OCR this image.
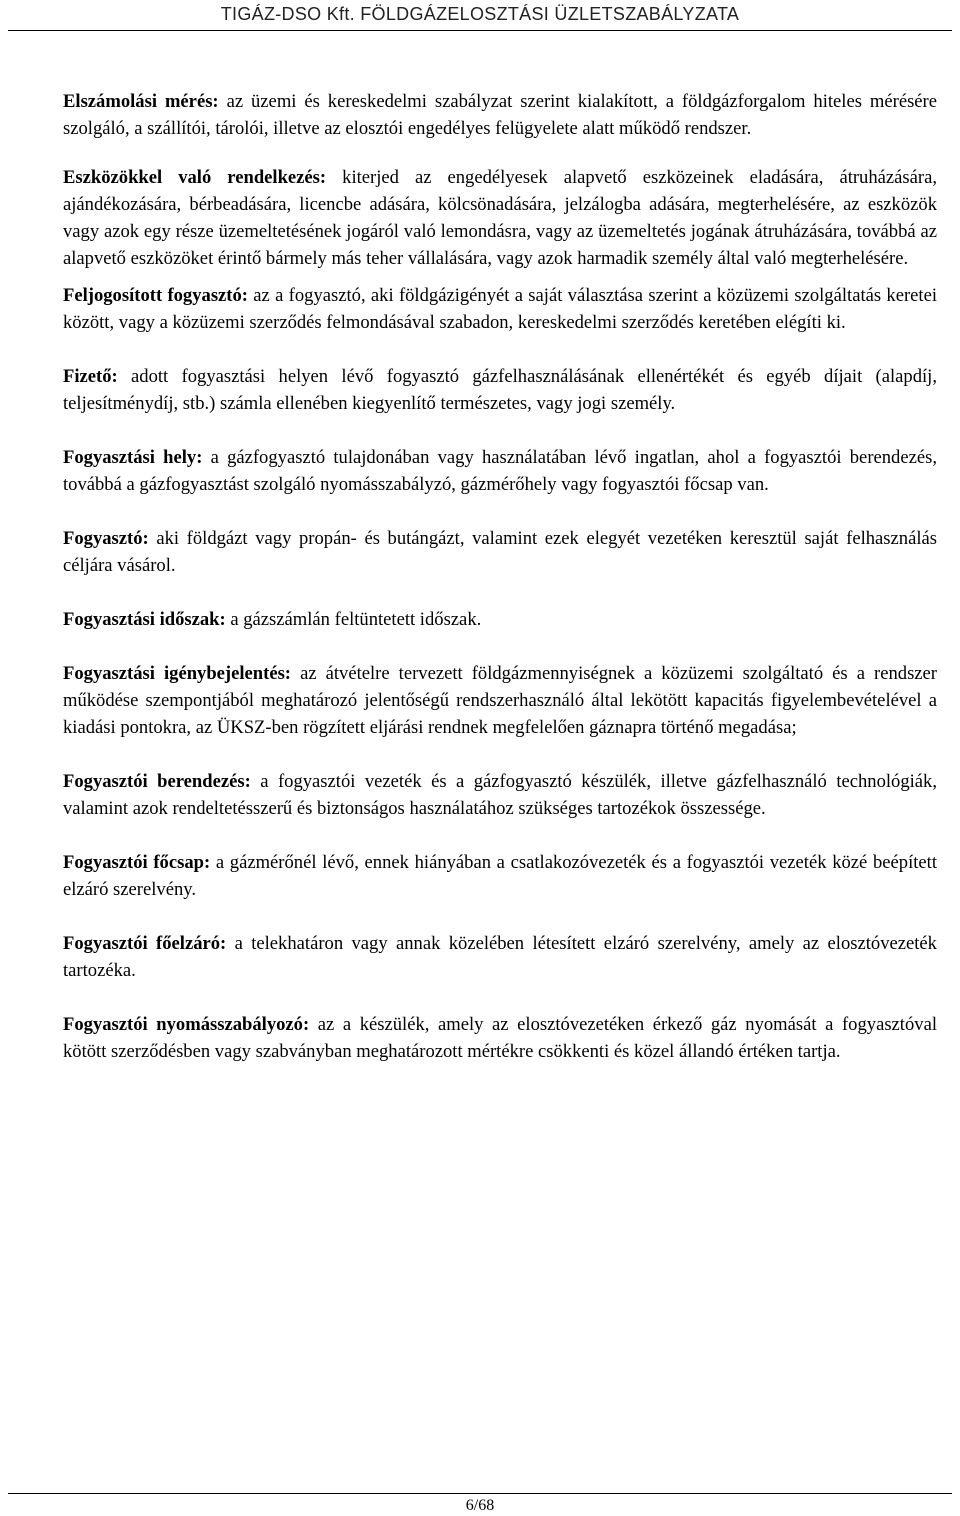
TIGÁZ-DSO Kft. FÖLDGÁZELOSZTÁSI ÜZLETSZABÁLYZATA

Elszámolási mérés: az üzemi és kereskedelmi szabályzat szerint kialakított, a földgázforgalom hiteles mérésére szolgáló, a szállítói, tárolói, illetve az elosztói engedélyes felügyelete alatt működő rendszer.

Eszközökkel való rendelkezés: kiterjed az engedélyesek alapvető eszközeinek eladására, átruházására, ajándékozására, bérbeadására, licencbe adására, kölcsönadására, jelzálogba adására, megterhelésére, az eszközök vagy azok egy része üzemeltetésének jogáról való lemondásra, vagy az üzemeltetés jogának átruházására, továbbá az alapvető eszközöket érintő bármely más teher vállalására, vagy azok harmadik személy által való megterhelésére.

Feljogosított fogyasztó: az a fogyasztó, aki földgázigényét a saját választása szerint a közüzemi szolgáltatás keretei között, vagy a közüzemi szerződés felmondásával szabadon, kereskedelmi szerződés keretében elégíti ki.

Fizető: adott fogyasztási helyen lévő fogyasztó gázfelhasználásának ellenértékét és egyéb díjait (alapdíj, teljesítménydíj, stb.) számla ellenében kiegyenlítő természetes, vagy jogi személy.

Fogyasztási hely: a gázfogyasztó tulajdonában vagy használatában lévő ingatlan, ahol a fogyasztói berendezés, továbbá a gázfogyasztást szolgáló nyomásszabályzó, gázmérőhely vagy fogyasztói főcsap van.

Fogyasztó: aki földgázt vagy propán- és butángázt, valamint ezek elegyét vezetéken keresztül saját felhasználás céljára vásárol.

Fogyasztási időszak: a gázszámlán feltüntetett időszak.

Fogyasztási igénybejelentés: az átvételre tervezett földgázmennyiségnek a közüzemi szolgáltató és a rendszer működése szempontjából meghatározó jelentőségű rendszerhasználó által lekötött kapacitás figyelembevételével a kiadási pontokra, az ÜKSZ-ben rögzített eljárási rendnek megfelelően gáznapra történő megadása;

Fogyasztói berendezés: a fogyasztói vezeték és a gázfogyasztó készülék, illetve gázfelhasználó technológiák, valamint azok rendeltetésszerű és biztonságos használatához szükséges tartozékok összessége.

Fogyasztói főcsap: a gázmérőnél lévő, ennek hiányában a csatlakozóvezeték és a fogyasztói vezeték közé beépített elzáró szerelvény.

Fogyasztói főelzáró: a telekhatáron vagy annak közelében létesített elzáró szerelvény, amely az elosztóvezeték tartozéka.

Fogyasztói nyomásszabályozó: az a készülék, amely az elosztóvezetéken érkező gáz nyomását a fogyasztóval kötött szerződésben vagy szabványban meghatározott mértékre csökkenti és közel állandó értéken tartja.

6/68
